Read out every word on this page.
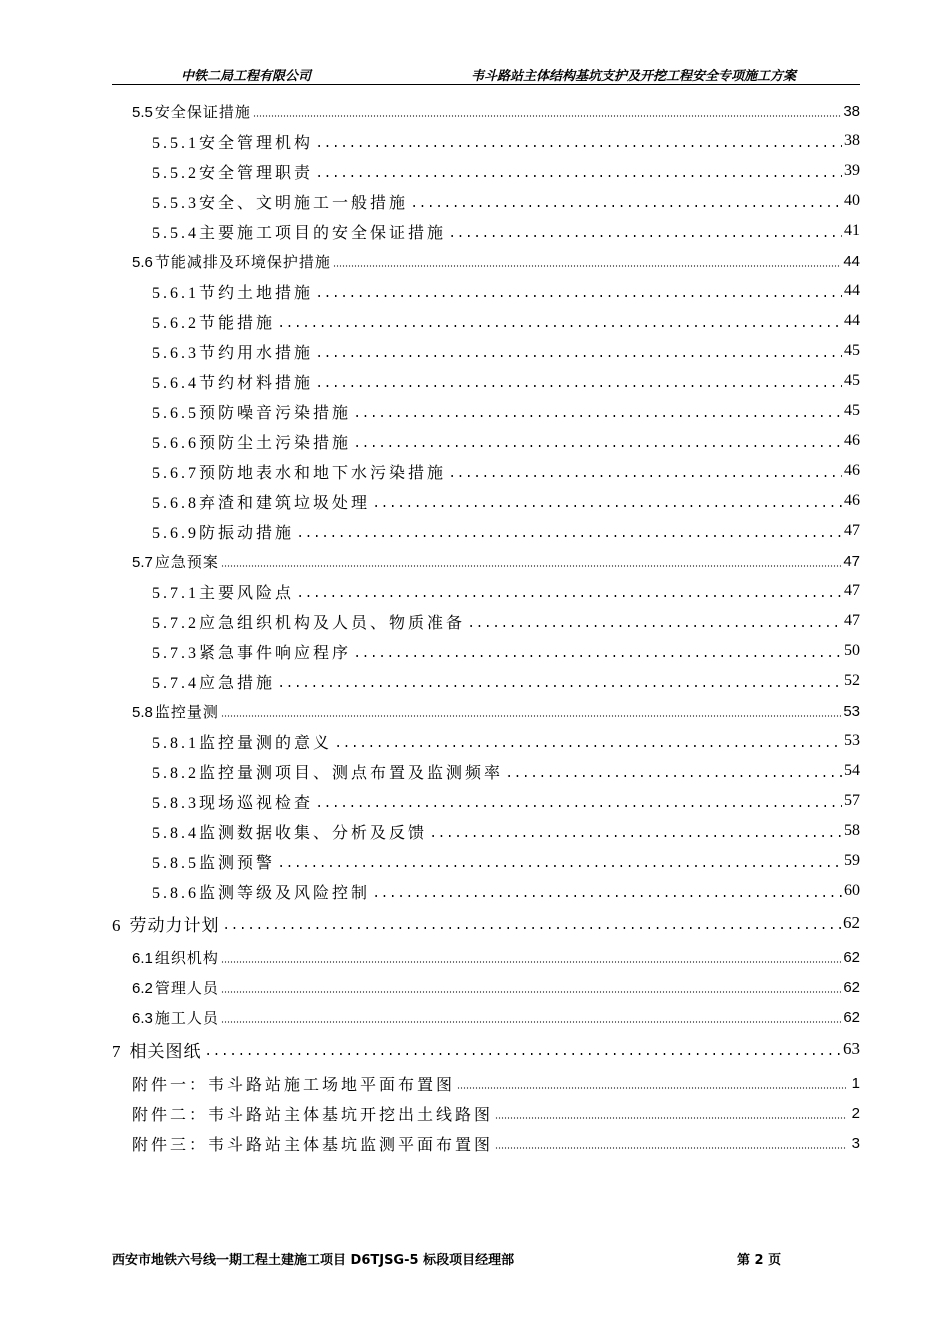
中铁二局工程有限公司	韦斗路站主体结构基坑支护及开挖工程安全专项施工方案
5.5 安全保证措施	38
5.5.1安全管理机构	38
5.5.2安全管理职责	39
5.5.3安全、文明施工一般措施	40
5.5.4主要施工项目的安全保证措施	41
5.6 节能减排及环境保护措施	44
5.6.1节约土地措施	44
5.6.2节能措施	44
5.6.3节约用水措施	45
5.6.4节约材料措施	45
5.6.5预防噪音污染措施	45
5.6.6预防尘土污染措施	46
5.6.7预防地表水和地下水污染措施	46
5.6.8弃渣和建筑垃圾处理	46
5.6.9防振动措施	47
5.7 应急预案	47
5.7.1主要风险点	47
5.7.2应急组织机构及人员、物质准备	47
5.7.3紧急事件响应程序	50
5.7.4应急措施	52
5.8 监控量测	53
5.8.1监控量测的意义	53
5.8.2监控量测项目、测点布置及监测频率	54
5.8.3现场巡视检查	57
5.8.4监测数据收集、分析及反馈	58
5.8.5监测预警	59
5.8.6监测等级及风险控制	60
6 劳动力计划	62
6.1 组织机构	62
6.2 管理人员	62
6.3 施工人员	62
7 相关图纸	63
附件一：韦斗路站施工场地平面布置图	1
附件二：韦斗路站主体基坑开挖出土线路图	2
附件三：韦斗路站主体基坑监测平面布置图	3
西安市地铁六号线一期工程土建施工项目 D6TJSG-5 标段项目经理部	第 2 页
